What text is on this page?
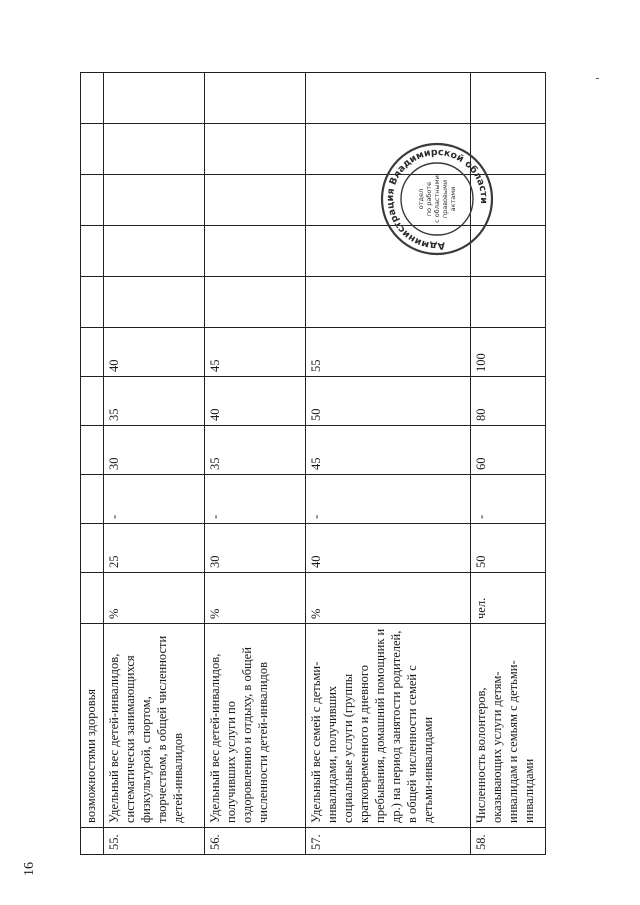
16
	возможностями здоровья											
55.	Удельный вес детей-инвалидов, систематически занимающихся физкультурой, спортом, творчеством, в общей численности детей-инвалидов	%	25	-	30	35	40					
56.	Удельный вес детей-инвалидов, получивших услуги по оздоровлению и отдыху, в общей численности детей-инвалидов	%	30	-	35	40	45					
57.	Удельный вес семей с детьми-инвалидами, получивших социальные услуги (группы кратковременного и дневного пребывания, домашний помощник и др.) на период занятости родителей, в общей численности семей с детьми-инвалидами	%	40	-	45	50	55					
58.	Численность волонтеров, оказывающих услуги детям-инвалидам и семьям с детьми-инвалидами	чел.	50	-	60	80	100					
Администрация Владимирской области
отдел по работе с областными правовыми актами
